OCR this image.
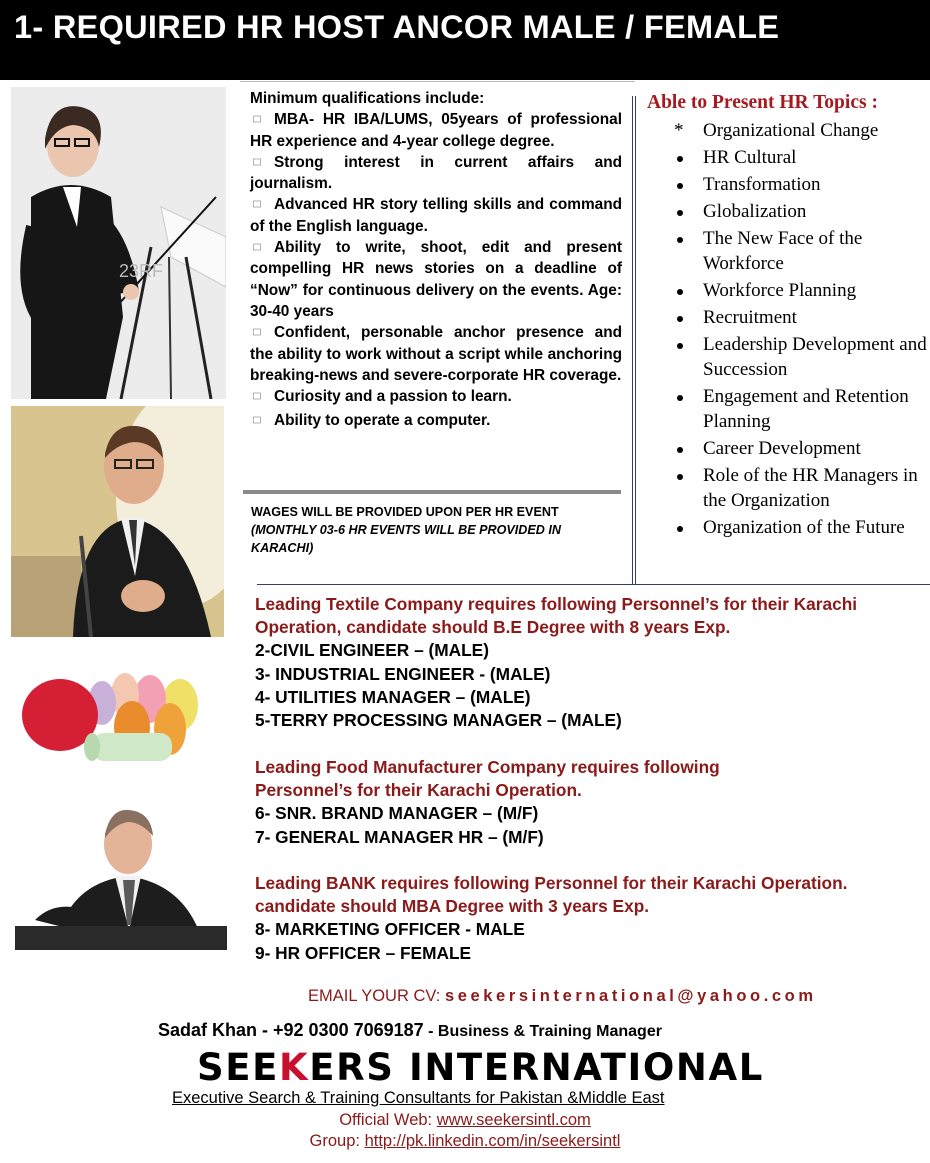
1- REQUIRED HR HOST ANCOR MALE / FEMALE
23RF

Minimum qualifications include:

MBA- HR IBA/LUMS, 05years of professional HR experience and 4-year college degree.

Strong interest in current affairs and journalism.

Advanced HR story telling skills and command of the English language.

Ability to write, shoot, edit and present compelling HR news stories on a deadline of “Now” for continuous delivery on the events. Age: 30-40 years

Confident, personable anchor presence and the ability to work without a script while anchoring breaking-news and severe-corporate HR coverage.

Curiosity and a passion to learn.

Ability to operate a computer.

WAGES WILL BE PROVIDED UPON PER HR EVENT (MONTHLY 03-6 HR EVENTS WILL BE PROVIDED IN KARACHI)
Able to Present HR Topics :
* Organizational Change
HR Cultural
Transformation
Globalization
The New Face of the Workforce
Workforce Planning
Recruitment
Leadership Development and Succession
Engagement and Retention Planning
Career Development
Role of the HR Managers in the Organization
Organization of the Future
Leading Textile Company requires following Personnel’s for their Karachi Operation, candidate should B.E Degree with 8 years Exp.
2-CIVIL ENGINEER – (MALE)
3- INDUSTRIAL ENGINEER - (MALE)
4- UTILITIES MANAGER – (MALE)
5-TERRY PROCESSING MANAGER – (MALE)
Leading Food Manufacturer Company requires following Personnel’s for their Karachi Operation.
6- SNR. BRAND MANAGER – (M/F)
7- GENERAL MANAGER HR – (M/F)
Leading BANK requires following Personnel for their Karachi Operation. candidate should MBA Degree with 3 years Exp.
8- MARKETING OFFICER - MALE
9- HR OFFICER – FEMALE
EMAIL YOUR CV: seekersinternational@yahoo.com
Sadaf Khan - +92 0300 7069187 - Business & Training Manager
SEEKERS INTERNATIONAL
Executive Search & Training Consultants for Pakistan &Middle East
Official Web: www.seekersintl.com
Group: http://pk.linkedin.com/in/seekersintl
